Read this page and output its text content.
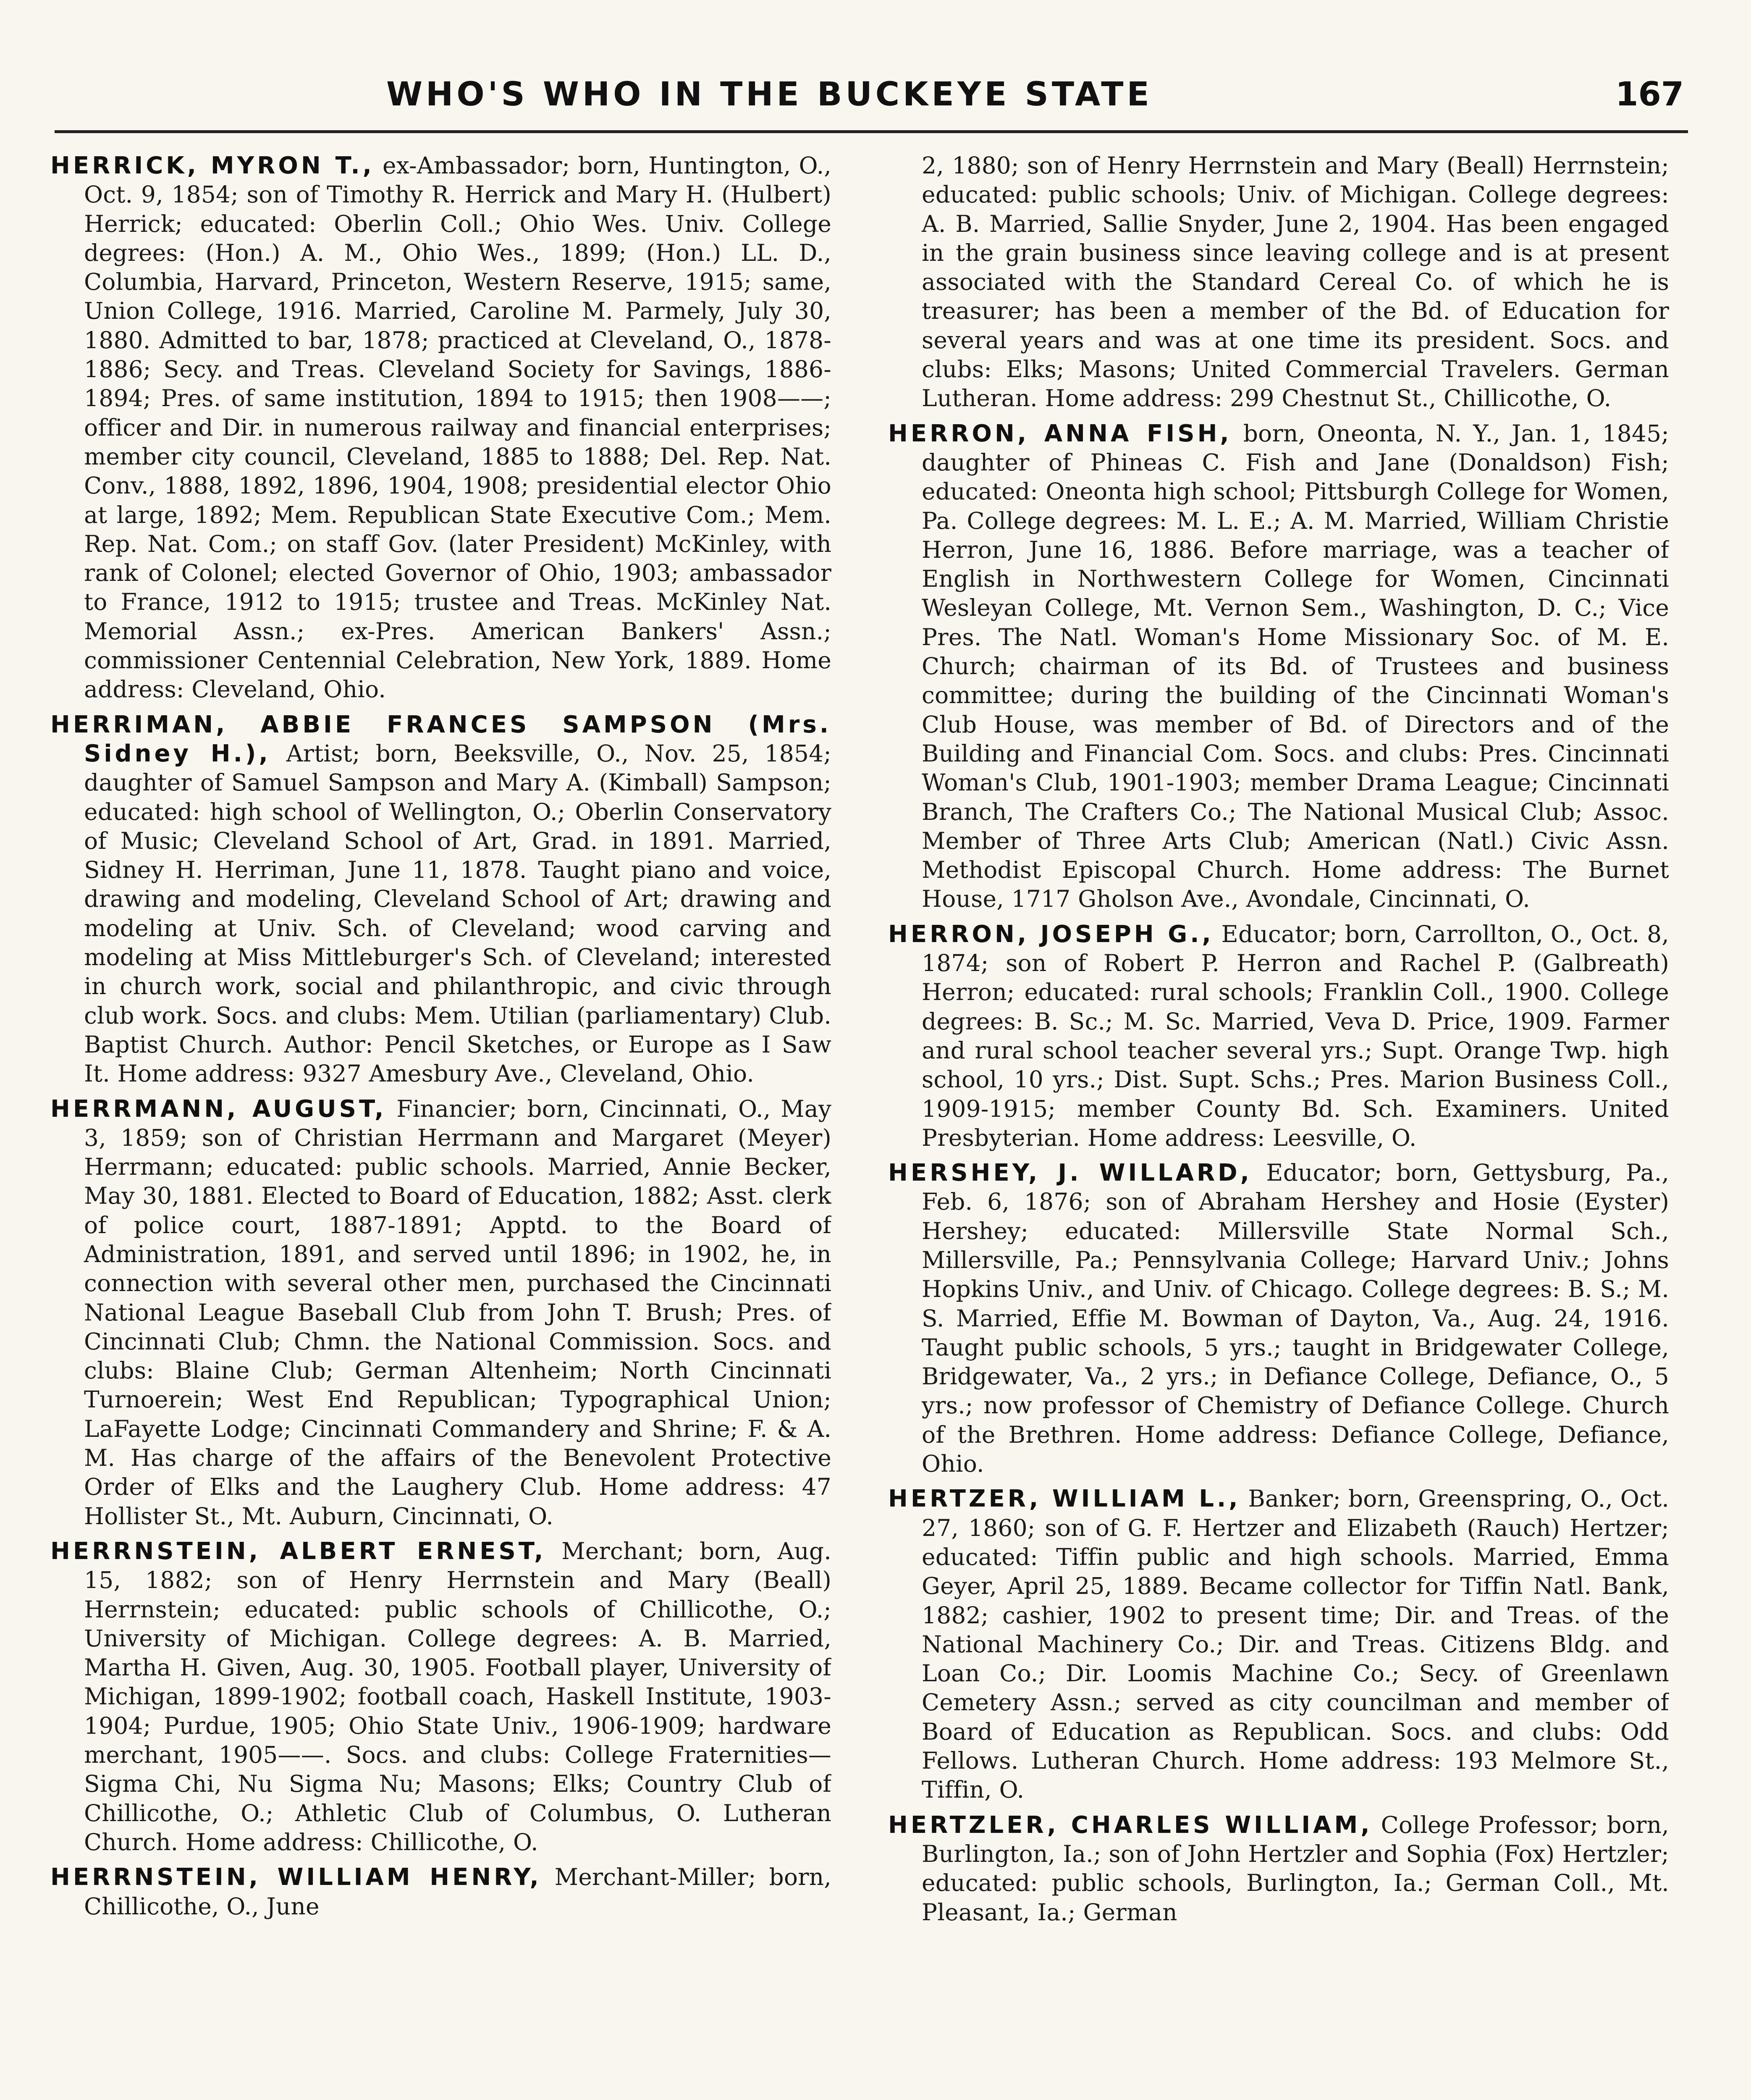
WHO'S WHO IN THE BUCKEYE STATE	167

HERRICK, MYRON T., ex-Ambassador; born, Huntington, O., Oct. 9, 1854; son of Timothy R. Herrick and Mary H. (Hulbert) Herrick; educated: Oberlin Coll.; Ohio Wes. Univ. College degrees: (Hon.) A. M., Ohio Wes., 1899; (Hon.) LL. D., Columbia, Harvard, Princeton, Western Reserve, 1915; same, Union College, 1916. Married, Caroline M. Parmely, July 30, 1880. Admitted to bar, 1878; practiced at Cleveland, O., 1878-1886; Secy. and Treas. Cleveland Society for Savings, 1886-1894; Pres. of same institution, 1894 to 1915; then 1908——; officer and Dir. in numerous railway and financial enterprises; member city council, Cleveland, 1885 to 1888; Del. Rep. Nat. Conv., 1888, 1892, 1896, 1904, 1908; presidential elector Ohio at large, 1892; Mem. Republican State Executive Com.; Mem. Rep. Nat. Com.; on staff Gov. (later President) McKinley, with rank of Colonel; elected Governor of Ohio, 1903; ambassador to France, 1912 to 1915; trustee and Treas. McKinley Nat. Memorial Assn.; ex-Pres. American Bankers' Assn.; commissioner Centennial Celebration, New York, 1889. Home address: Cleveland, Ohio.

HERRIMAN, ABBIE FRANCES SAMPSON (Mrs. Sidney H.), Artist; born, Beeksville, O., Nov. 25, 1854; daughter of Samuel Sampson and Mary A. (Kimball) Sampson; educated: high school of Wellington, O.; Oberlin Conservatory of Music; Cleveland School of Art, Grad. in 1891. Married, Sidney H. Herriman, June 11, 1878. Taught piano and voice, drawing and modeling, Cleveland School of Art; drawing and modeling at Univ. Sch. of Cleveland; wood carving and modeling at Miss Mittleburger's Sch. of Cleveland; interested in church work, social and philanthropic, and civic through club work. Socs. and clubs: Mem. Utilian (parliamentary) Club. Baptist Church. Author: Pencil Sketches, or Europe as I Saw It. Home address: 9327 Amesbury Ave., Cleveland, Ohio.

HERRMANN, AUGUST, Financier; born, Cincinnati, O., May 3, 1859; son of Christian Herrmann and Margaret (Meyer) Herrmann; educated: public schools. Married, Annie Becker, May 30, 1881. Elected to Board of Education, 1882; Asst. clerk of police court, 1887-1891; Apptd. to the Board of Administration, 1891, and served until 1896; in 1902, he, in connection with several other men, purchased the Cincinnati National League Baseball Club from John T. Brush; Pres. of Cincinnati Club; Chmn. the National Commission. Socs. and clubs: Blaine Club; German Altenheim; North Cincinnati Turnoerein; West End Republican; Typographical Union; LaFayette Lodge; Cincinnati Commandery and Shrine; F. & A. M. Has charge of the affairs of the Benevolent Protective Order of Elks and the Laughery Club. Home address: 47 Hollister St., Mt. Auburn, Cincinnati, O.

HERRNSTEIN, ALBERT ERNEST, Merchant; born, Aug. 15, 1882; son of Henry Herrnstein and Mary (Beall) Herrnstein; educated: public schools of Chillicothe, O.; University of Michigan. College degrees: A. B. Married, Martha H. Given, Aug. 30, 1905. Football player, University of Michigan, 1899-1902; football coach, Haskell Institute, 1903-1904; Purdue, 1905; Ohio State Univ., 1906-1909; hardware merchant, 1905——. Socs. and clubs: College Fraternities—Sigma Chi, Nu Sigma Nu; Masons; Elks; Country Club of Chillicothe, O.; Athletic Club of Columbus, O. Lutheran Church. Home address: Chillicothe, O.

HERRNSTEIN, WILLIAM HENRY, Merchant-Miller; born, Chillicothe, O., June

2, 1880; son of Henry Herrnstein and Mary (Beall) Herrnstein; educated: public schools; Univ. of Michigan. College degrees: A. B. Married, Sallie Snyder, June 2, 1904. Has been engaged in the grain business since leaving college and is at present associated with the Standard Cereal Co. of which he is treasurer; has been a member of the Bd. of Education for several years and was at one time its president. Socs. and clubs: Elks; Masons; United Commercial Travelers. German Lutheran. Home address: 299 Chestnut St., Chillicothe, O.

HERRON, ANNA FISH, born, Oneonta, N. Y., Jan. 1, 1845; daughter of Phineas C. Fish and Jane (Donaldson) Fish; educated: Oneonta high school; Pittsburgh College for Women, Pa. College degrees: M. L. E.; A. M. Married, William Christie Herron, June 16, 1886. Before marriage, was a teacher of English in Northwestern College for Women, Cincinnati Wesleyan College, Mt. Vernon Sem., Washington, D. C.; Vice Pres. The Natl. Woman's Home Missionary Soc. of M. E. Church; chairman of its Bd. of Trustees and business committee; during the building of the Cincinnati Woman's Club House, was member of Bd. of Directors and of the Building and Financial Com. Socs. and clubs: Pres. Cincinnati Woman's Club, 1901-1903; member Drama League; Cincinnati Branch, The Crafters Co.; The National Musical Club; Assoc. Member of Three Arts Club; American (Natl.) Civic Assn. Methodist Episcopal Church. Home address: The Burnet House, 1717 Gholson Ave., Avondale, Cincinnati, O.

HERRON, JOSEPH G., Educator; born, Carrollton, O., Oct. 8, 1874; son of Robert P. Herron and Rachel P. (Galbreath) Herron; educated: rural schools; Franklin Coll., 1900. College degrees: B. Sc.; M. Sc. Married, Veva D. Price, 1909. Farmer and rural school teacher several yrs.; Supt. Orange Twp. high school, 10 yrs.; Dist. Supt. Schs.; Pres. Marion Business Coll., 1909-1915; member County Bd. Sch. Examiners. United Presbyterian. Home address: Leesville, O.

HERSHEY, J. WILLARD, Educator; born, Gettysburg, Pa., Feb. 6, 1876; son of Abraham Hershey and Hosie (Eyster) Hershey; educated: Millersville State Normal Sch., Millersville, Pa.; Pennsylvania College; Harvard Univ.; Johns Hopkins Univ., and Univ. of Chicago. College degrees: B. S.; M. S. Married, Effie M. Bowman of Dayton, Va., Aug. 24, 1916. Taught public schools, 5 yrs.; taught in Bridgewater College, Bridgewater, Va., 2 yrs.; in Defiance College, Defiance, O., 5 yrs.; now professor of Chemistry of Defiance College. Church of the Brethren. Home address: Defiance College, Defiance, Ohio.

HERTZER, WILLIAM L., Banker; born, Greenspring, O., Oct. 27, 1860; son of G. F. Hertzer and Elizabeth (Rauch) Hertzer; educated: Tiffin public and high schools. Married, Emma Geyer, April 25, 1889. Became collector for Tiffin Natl. Bank, 1882; cashier, 1902 to present time; Dir. and Treas. of the National Machinery Co.; Dir. and Treas. Citizens Bldg. and Loan Co.; Dir. Loomis Machine Co.; Secy. of Greenlawn Cemetery Assn.; served as city councilman and member of Board of Education as Republican. Socs. and clubs: Odd Fellows. Lutheran Church. Home address: 193 Melmore St., Tiffin, O.

HERTZLER, CHARLES WILLIAM, College Professor; born, Burlington, Ia.; son of John Hertzler and Sophia (Fox) Hertzler; educated: public schools, Burlington, Ia.; German Coll., Mt. Pleasant, Ia.; German
